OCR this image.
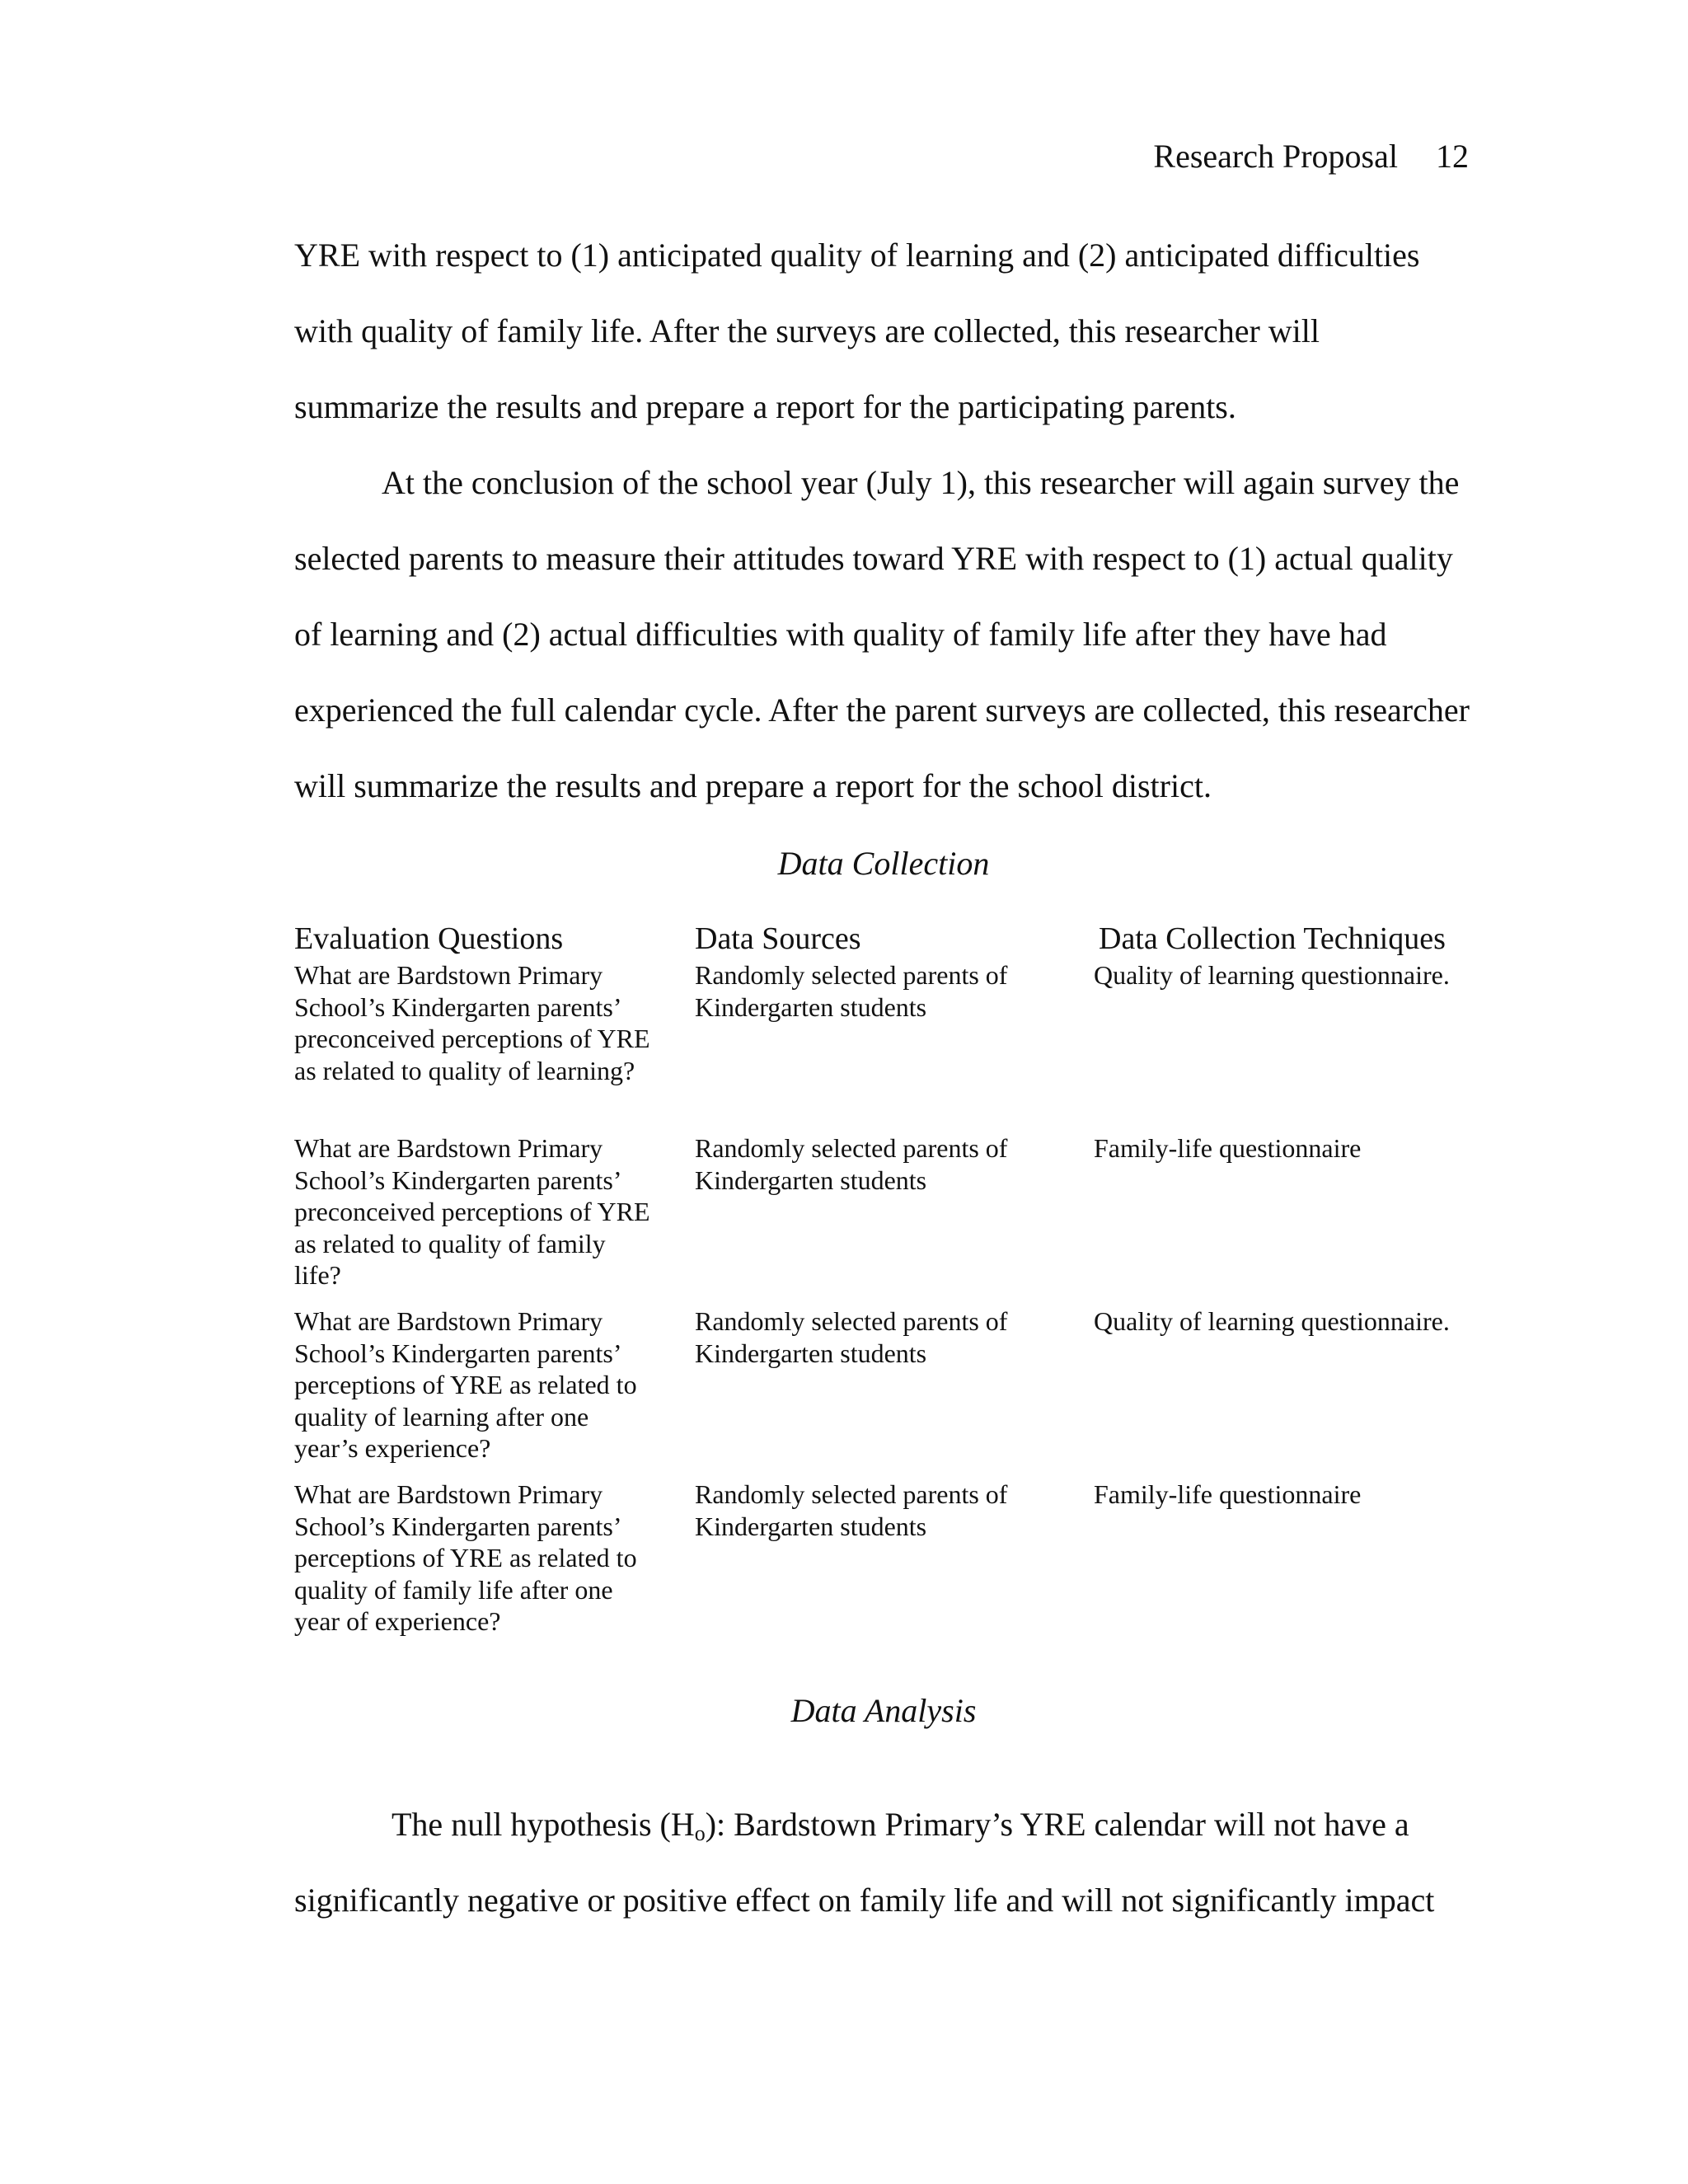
Research Proposal 12
YRE with respect to (1) anticipated quality of learning and (2) anticipated difficulties
with quality of family life. After the surveys are collected, this researcher will
summarize the results and prepare a report for the participating parents.
At the conclusion of the school year (July 1), this researcher will again survey the
selected parents to measure their attitudes toward YRE with respect to (1) actual quality
of learning and (2) actual difficulties with quality of family life after they have had
experienced the full calendar cycle. After the parent surveys are collected, this researcher
will summarize the results and prepare a report for the school district.
Data Collection
Evaluation Questions	Data Sources	Data Collection Techniques
What are Bardstown Primary
School’s Kindergarten parents’
preconceived perceptions of YRE
as related to quality of learning?
Randomly selected parents of
Kindergarten students
Quality of learning questionnaire.
What are Bardstown Primary
School’s Kindergarten parents’
preconceived perceptions of YRE
as related to quality of family
life?
Randomly selected parents of
Kindergarten students
Family-life questionnaire
What are Bardstown Primary
School’s Kindergarten parents’
perceptions of YRE as related to
quality of learning after one
year’s experience?
Randomly selected parents of
Kindergarten students
Quality of learning questionnaire.
What are Bardstown Primary
School’s Kindergarten parents’
perceptions of YRE as related to
quality of family life after one
year of experience?
Randomly selected parents of
Kindergarten students
Family-life questionnaire
Data Analysis
The null hypothesis $(H_o)$: Bardstown Primary’s YRE calendar will not have a
significantly negative or positive effect on family life and will not significantly impact
